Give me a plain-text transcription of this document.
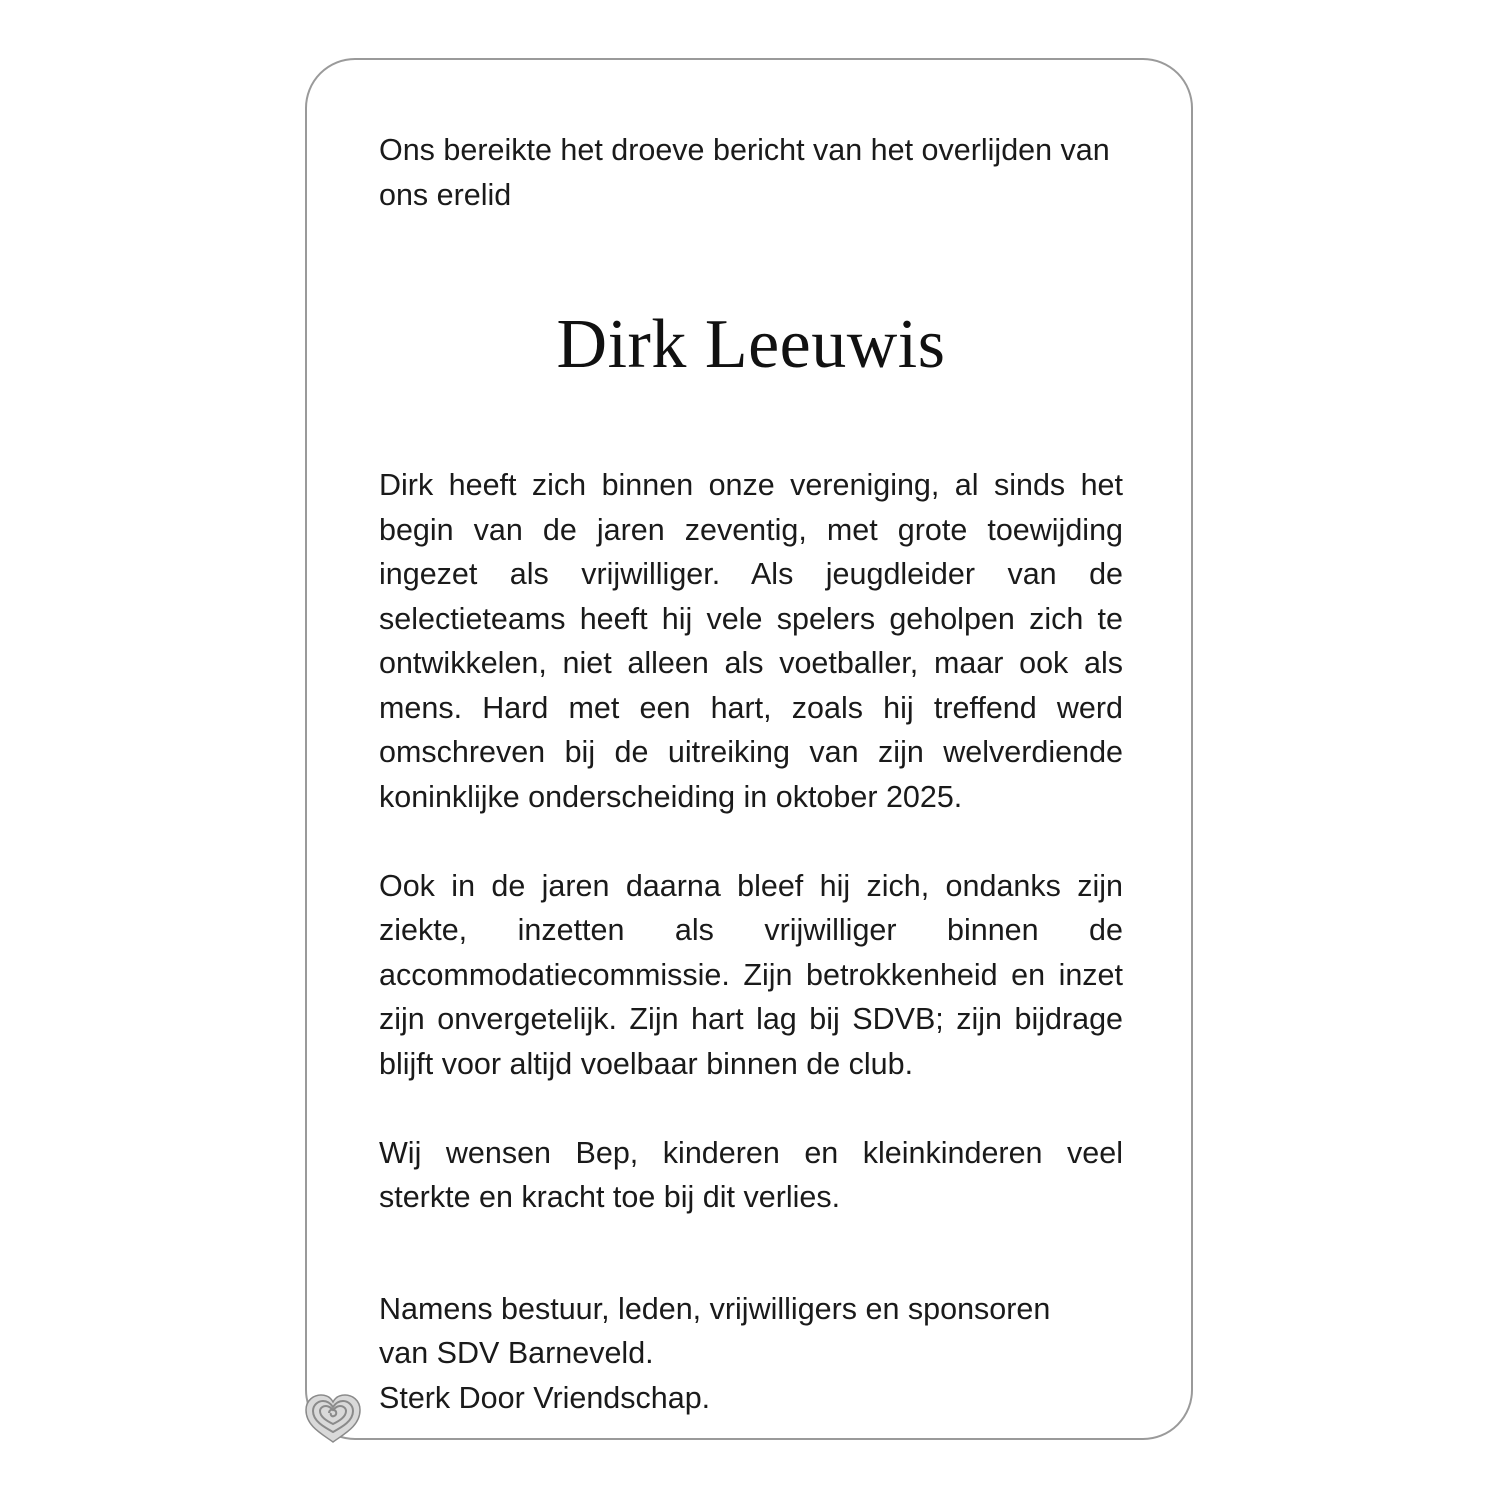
Ons bereikte het droeve bericht van het overlijden van ons erelid

Dirk Leeuwis

Dirk heeft zich binnen onze vereniging, al sinds het begin van de jaren zeventig, met grote toewijding ingezet als vrijwilliger. Als jeugdleider van de selectieteams heeft hij vele spelers geholpen zich te ontwikkelen, niet alleen als voetballer, maar ook als mens. Hard met een hart, zoals hij treffend werd omschreven bij de uitreiking van zijn welverdiende koninklijke onderscheiding in oktober 2025.

Ook in de jaren daarna bleef hij zich, ondanks zijn ziekte, inzetten als vrijwilliger binnen de accommodatiecommissie. Zijn betrokkenheid en inzet zijn onvergetelijk. Zijn hart lag bij SDVB; zijn bijdrage blijft voor altijd voelbaar binnen de club.

Wij wensen Bep, kinderen en kleinkinderen veel sterkte en kracht toe bij dit verlies.

Namens bestuur, leden, vrijwilligers en sponsoren
van SDV Barneveld.
Sterk Door Vriendschap.
